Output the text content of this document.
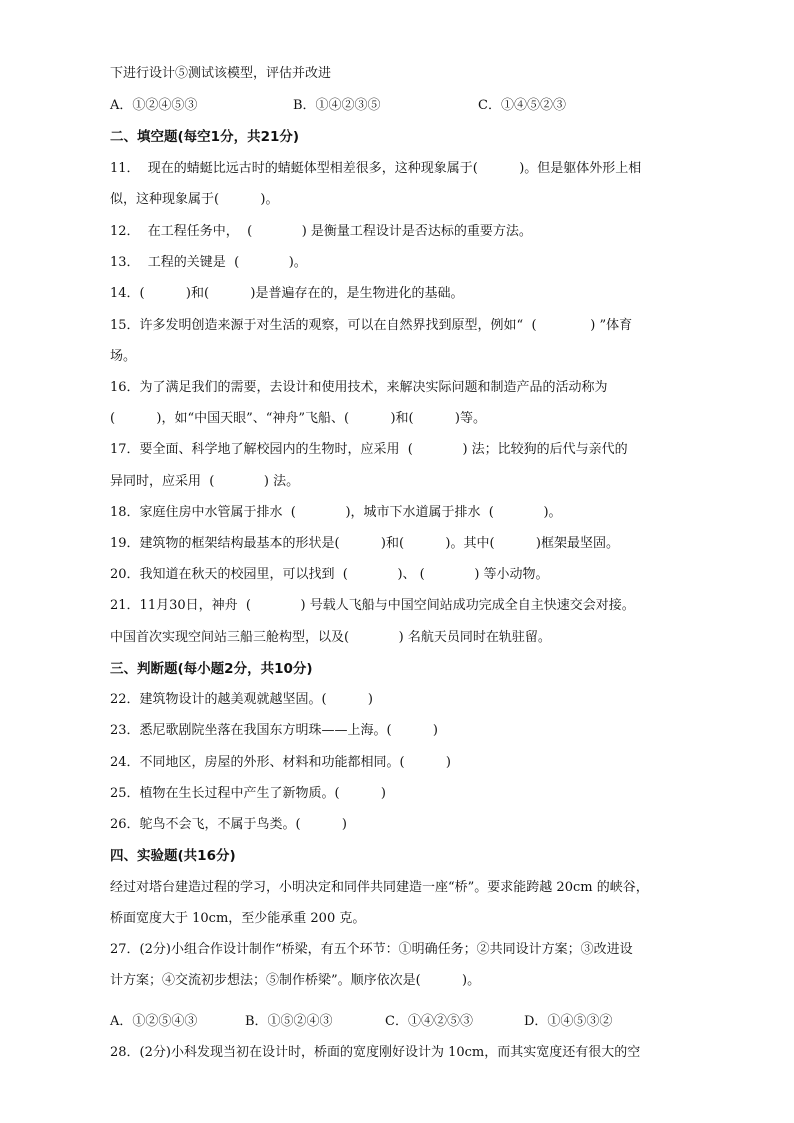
下进行设计⑤测试该模型，评估并改进
A．①②④⑤③	B．①④②③⑤	C．①④⑤②③
二、填空题(每空1分，共21分)
11．  现在的蜻蜓比远古时的蜻蜓体型相差很多，这种现象属于(          )。但是躯体外形上相
似，这种现象属于(          )。
12．  在工程任务中，  (            ) 是衡量工程设计是否达标的重要方法。
13．  工程的关键是  (            )。
14．(          )和(          )是普遍存在的，是生物进化的基础。
15．许多发明创造来源于对生活的观察，可以在自然界找到原型，例如“  (             ) ”体育
场。
16．为了满足我们的需要，去设计和使用技术，来解决实际问题和制造产品的活动称为
(          )，如“中国天眼”、“神舟”飞船、(          )和(          )等。
17．要全面、科学地了解校园内的生物时，应采用  (            ) 法；比较狗的后代与亲代的
异同时，应采用  (            ) 法。
18．家庭住房中水管属于排水  (            )，城市下水道属于排水  (            )。
19．建筑物的框架结构最基本的形状是(          )和(          )。其中(          )框架最坚固。
20．我知道在秋天的校园里，可以找到  (            )、 (            ) 等小动物。
21．11月30日，神舟  (            ) 号载人飞船与中国空间站成功完成全自主快速交会对接。
中国首次实现空间站三船三舱构型，以及(            ) 名航天员同时在轨驻留。
三、判断题(每小题2分，共10分)
22．建筑物设计的越美观就越坚固。(          )
23．悉尼歌剧院坐落在我国东方明珠——上海。(          )
24．不同地区，房屋的外形、材料和功能都相同。(          )
25．植物在生长过程中产生了新物质。(          )
26．鸵鸟不会飞，不属于鸟类。(          )
四、实验题(共16分)
经过对塔台建造过程的学习，小明决定和同伴共同建造一座“桥”。要求能跨越 20cm 的峡谷，
桥面宽度大于 10cm，至少能承重 200 克。
27．(2分)小组合作设计制作“桥梁，有五个环节：①明确任务；②共同设计方案；③改进设
计方案；④交流初步想法；⑤制作桥梁”。顺序依次是(          )。
A．①②⑤④③	B．①⑤②④③	C．①④②⑤③	D．①④⑤③②
28．(2分)小科发现当初在设计时，桥面的宽度刚好设计为 10cm，而其实宽度还有很大的空
